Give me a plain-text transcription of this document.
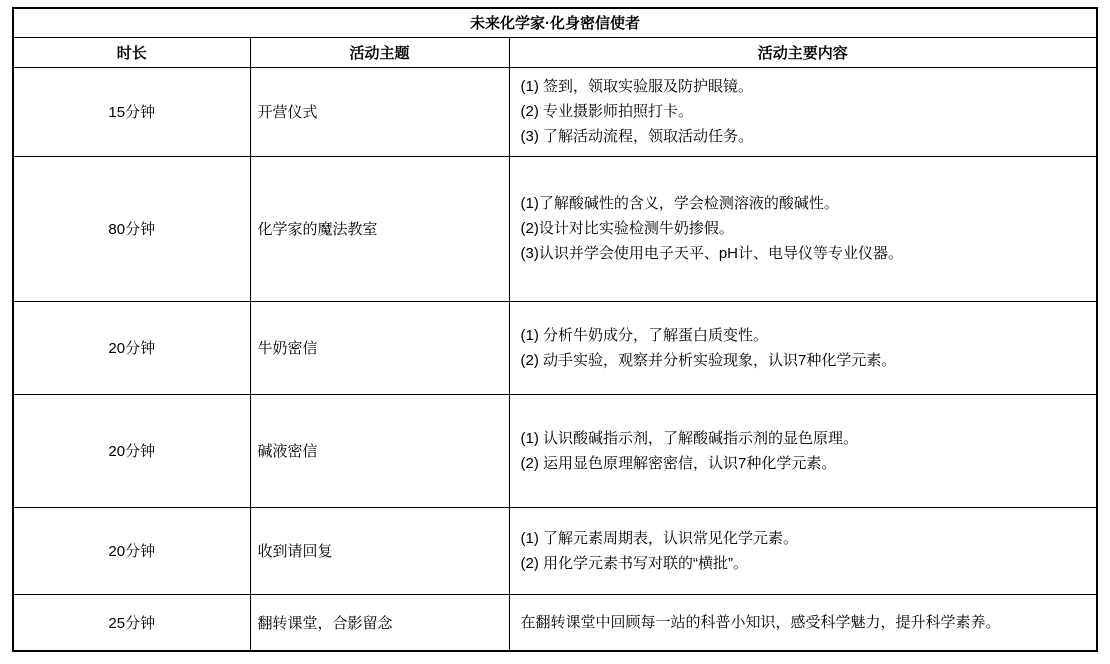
未来化学家·化身密信使者		
时长	活动主题	活动主要内容
15分钟	开营仪式	(1) 签到，领取实验服及防护眼镜。
(2) 专业摄影师拍照打卡。
(3) 了解活动流程，领取活动任务。

80分钟	化学家的魔法教室	(1)了解酸碱性的含义，学会检测溶液的酸碱性。
(2)设计对比实验检测牛奶掺假。
(3)认识并学会使用电子天平、pH计、电导仪等专业仪器。

20分钟	牛奶密信	(1) 分析牛奶成分，了解蛋白质变性。
(2) 动手实验，观察并分析实验现象，认识7种化学元素。

20分钟	碱液密信	(1) 认识酸碱指示剂，了解酸碱指示剂的显色原理。
(2) 运用显色原理解密密信，认识7种化学元素。

20分钟	收到请回复	(1) 了解元素周期表，认识常见化学元素。
(2) 用化学元素书写对联的“横批”。

25分钟	翻转课堂，合影留念	在翻转课堂中回顾每一站的科普小知识，感受科学魅力，提升科学素养。
